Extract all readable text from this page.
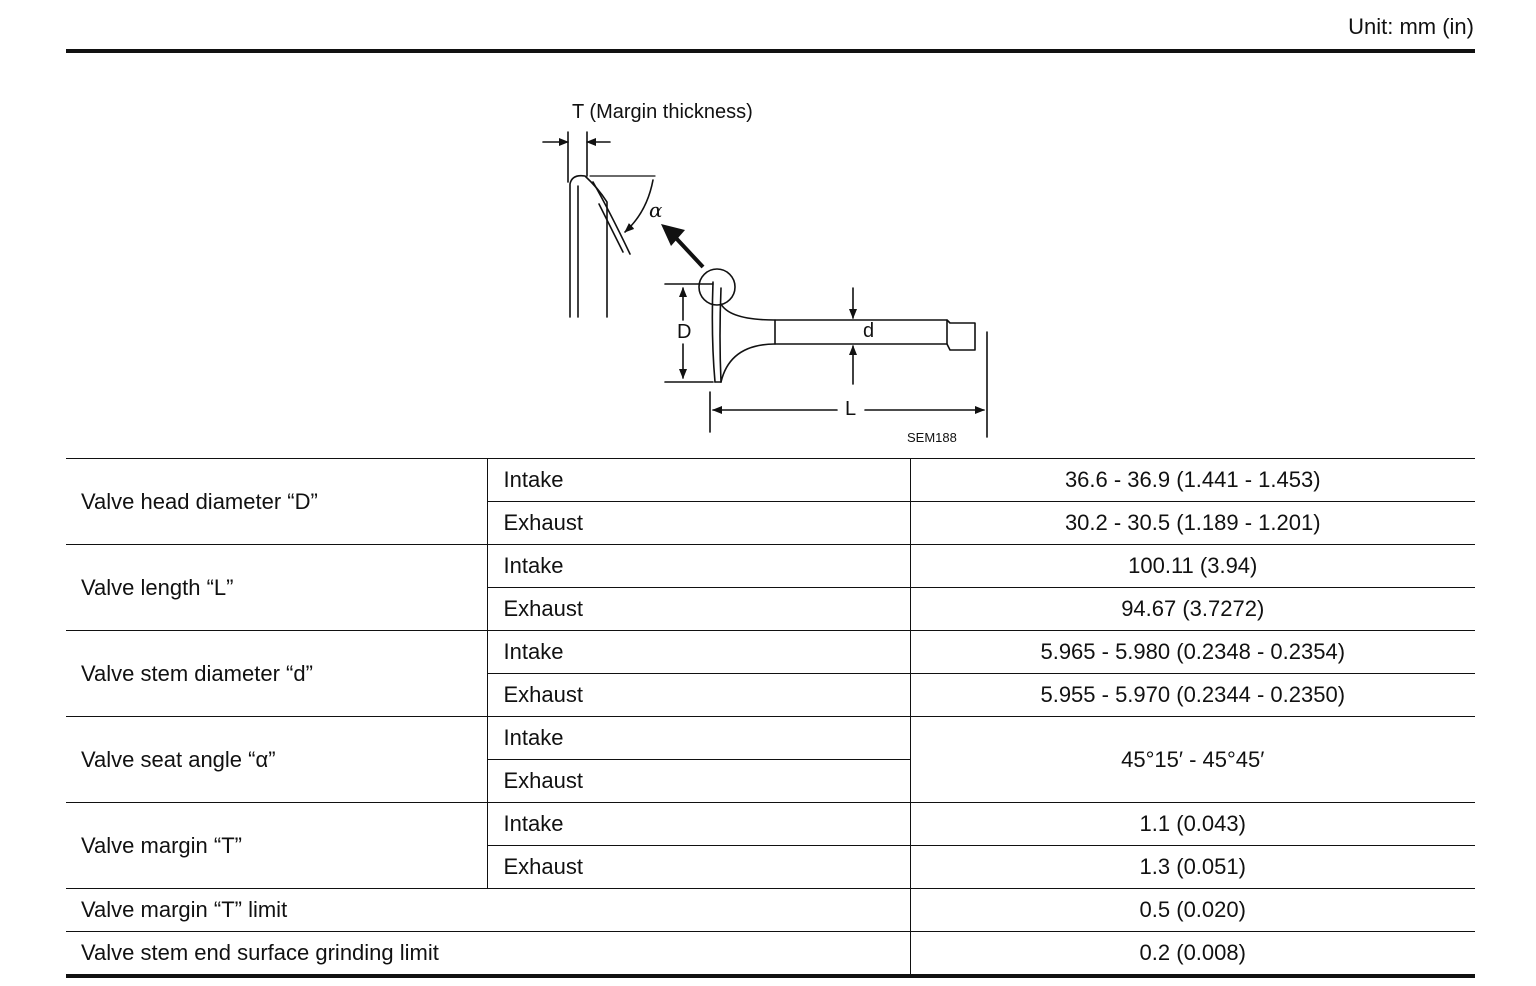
Unit: mm (in)
T (Margin thickness)
α
D	d
L
SEM188
Valve head diameter “D”	Intake	36.6 - 36.9 (1.441 - 1.453)
	Exhaust	30.2 - 30.5 (1.189 - 1.201)
Valve length “L”	Intake	100.11 (3.94)
	Exhaust	94.67 (3.7272)
Valve stem diameter “d”	Intake	5.965 - 5.980 (0.2348 - 0.2354)
	Exhaust	5.955 - 5.970 (0.2344 - 0.2350)
Valve seat angle “α”	Intake	45°15′ - 45°45′
	Exhaust	
Valve margin “T”	Intake	1.1 (0.043)
	Exhaust	1.3 (0.051)
Valve margin “T” limit		0.5 (0.020)
Valve stem end surface grinding limit		0.2 (0.008)
